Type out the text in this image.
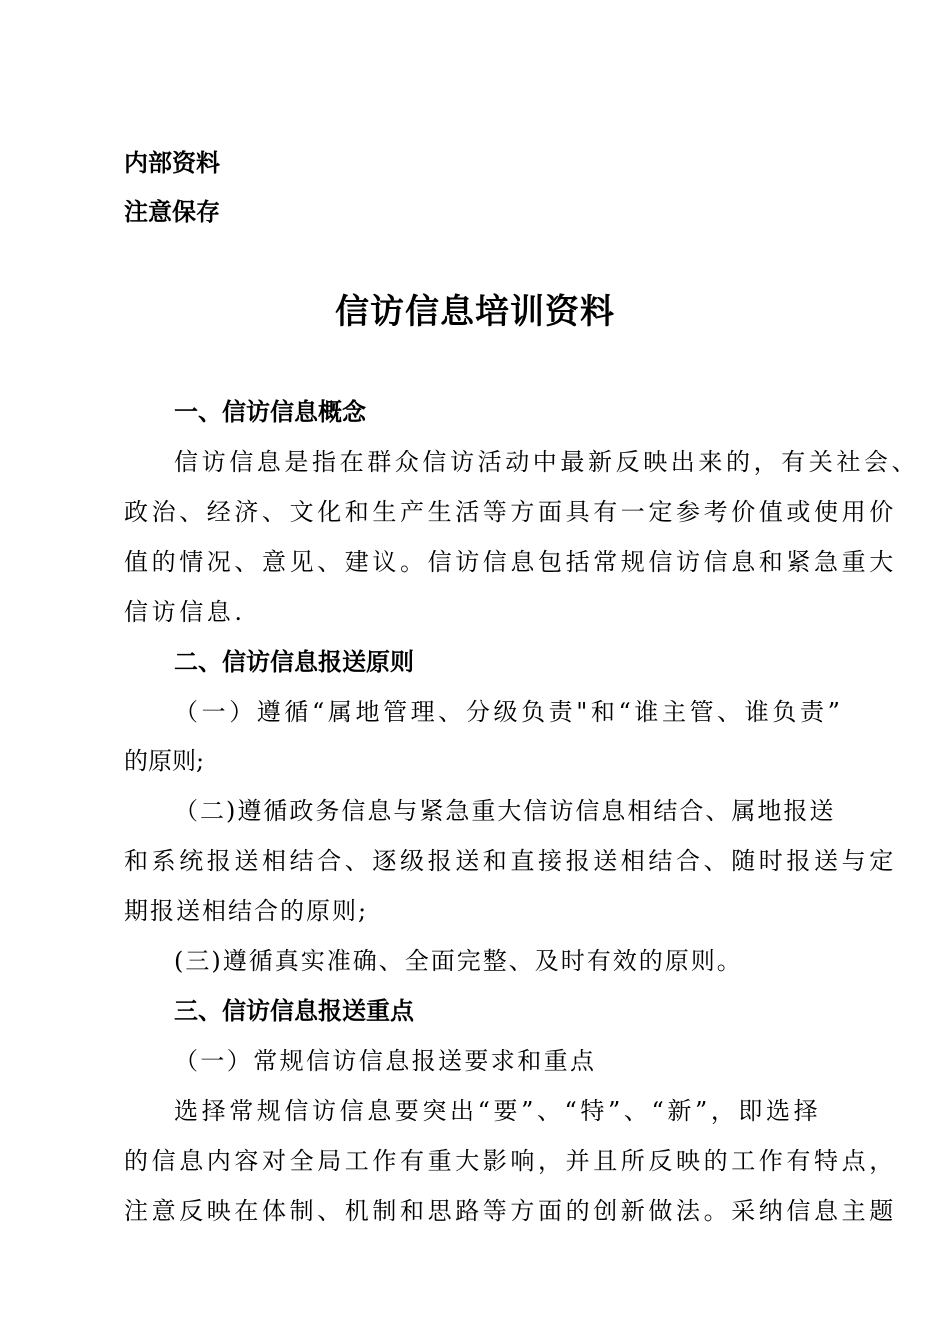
内部资料
注意保存
信访信息培训资料
一、信访信息概念
信访信息是指在群众信访活动中最新反映出来的，有关社会、
政治、经济、文化和生产生活等方面具有一定参考价值或使用价
值的情况、意见、建议。信访信息包括常规信访信息和紧急重大
信访信息.
二、信访信息报送原则
（一）遵循“属地管理、分级负责"和“谁主管、谁负责”
的原则;
（二)遵循政务信息与紧急重大信访信息相结合、属地报送
和系统报送相结合、逐级报送和直接报送相结合、随时报送与定
期报送相结合的原则;
(三)遵循真实准确、全面完整、及时有效的原则。
三、信访信息报送重点
（一）常规信访信息报送要求和重点
选择常规信访信息要突出“要”、“特”、“新”，即选择
的信息内容对全局工作有重大影响，并且所反映的工作有特点，
注意反映在体制、机制和思路等方面的创新做法。采纳信息主题
